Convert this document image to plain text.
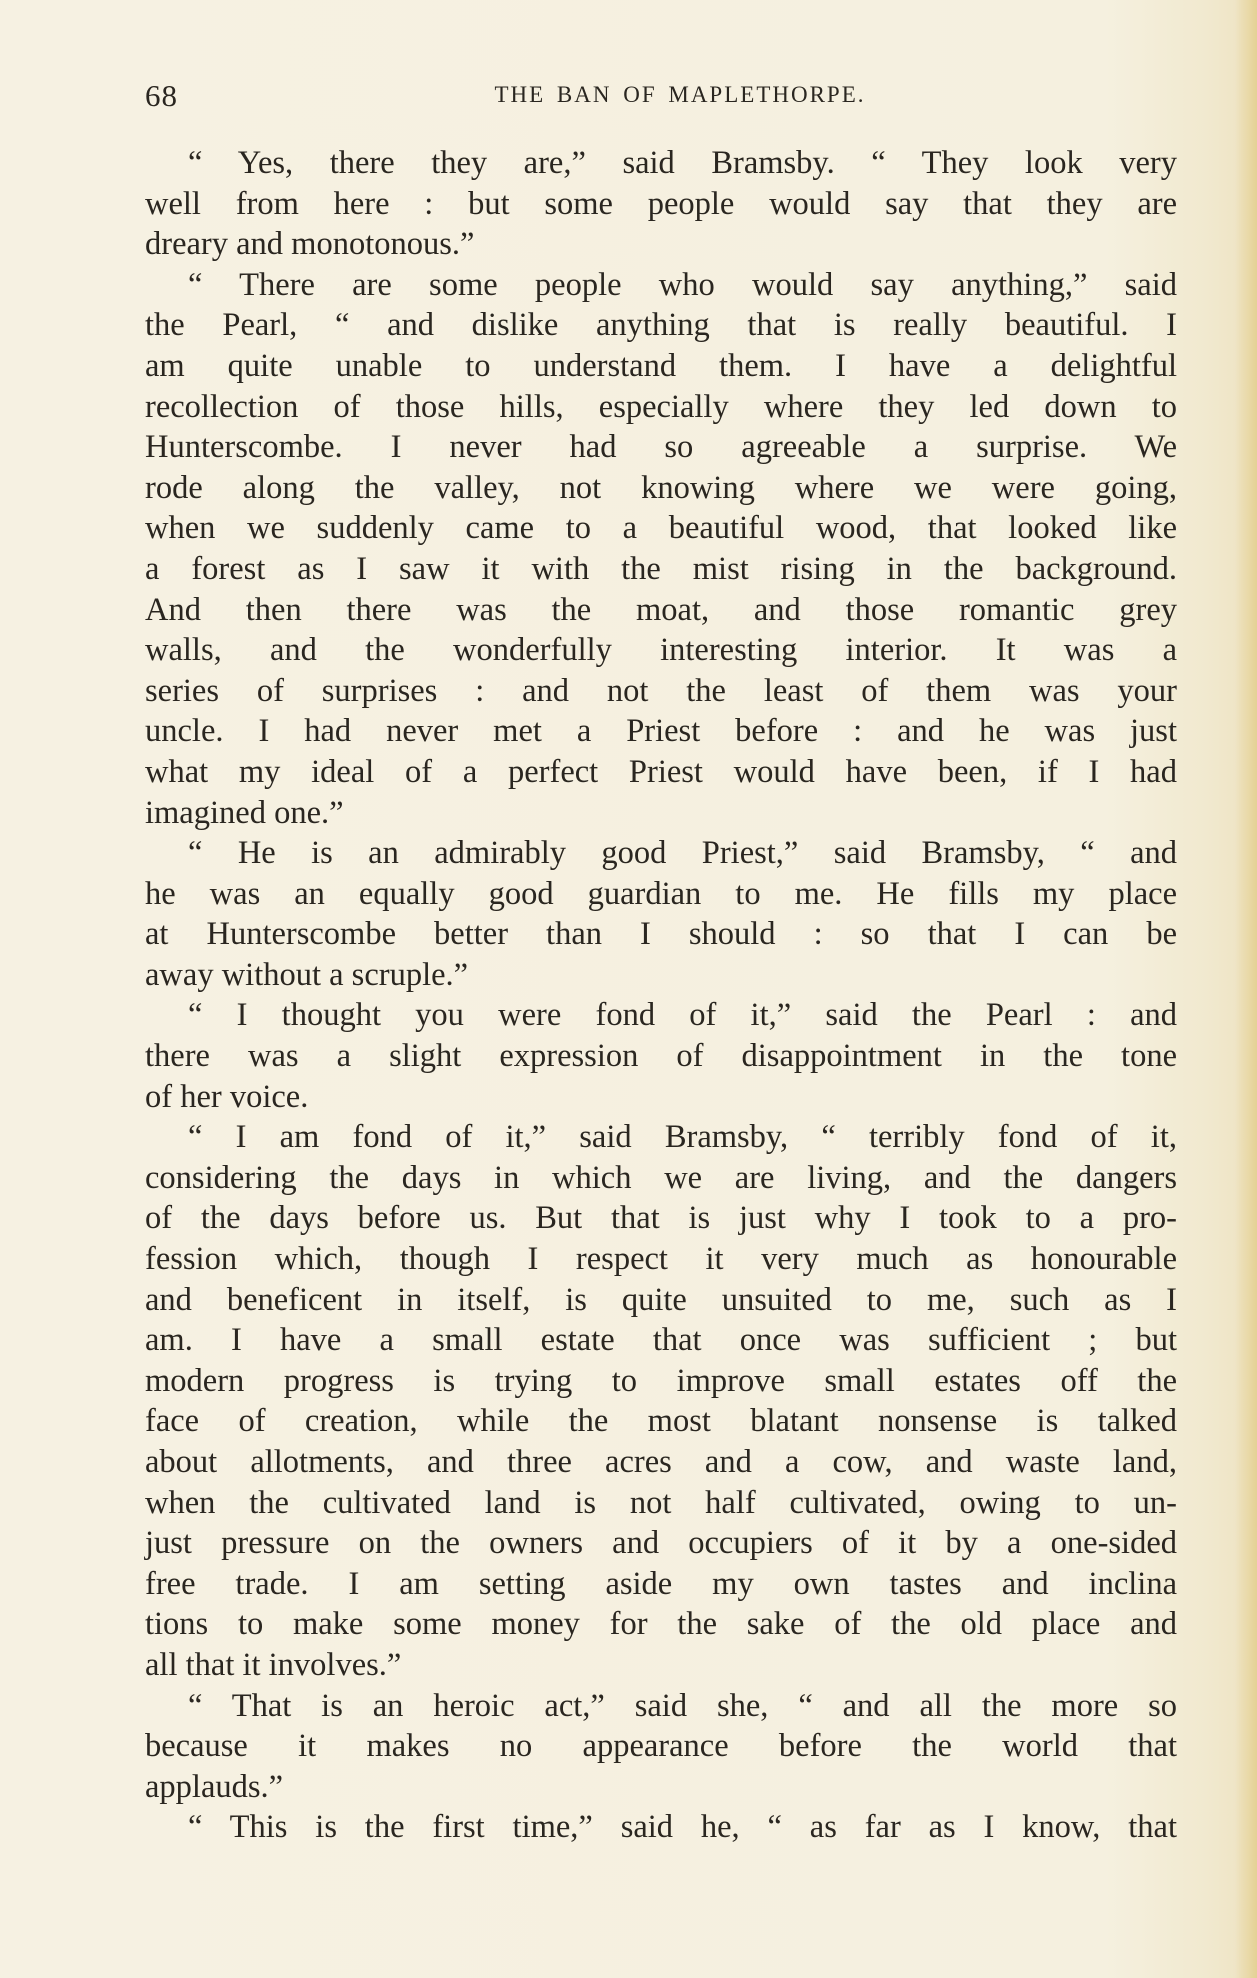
68	THE BAN OF MAPLETHORPE.
“ Yes, there they are,” said Bramsby. “ They look very
well from here : but some people would say that they are
dreary and monotonous.”
“ There are some people who would say anything,” said
the Pearl, “ and dislike anything that is really beautiful. I
am quite unable to understand them. I have a delightful
recollection of those hills, especially where they led down to
Hunterscombe. I never had so agreeable a surprise. We
rode along the valley, not knowing where we were going,
when we suddenly came to a beautiful wood, that looked like
a forest as I saw it with the mist rising in the background.
And then there was the moat, and those romantic grey
walls, and the wonderfully interesting interior. It was a
series of surprises : and not the least of them was your
uncle. I had never met a Priest before : and he was just
what my ideal of a perfect Priest would have been, if I had
imagined one.”
“ He is an admirably good Priest,” said Bramsby, “ and
he was an equally good guardian to me. He fills my place
at Hunterscombe better than I should : so that I can be
away without a scruple.”
“ I thought you were fond of it,” said the Pearl : and
there was a slight expression of disappointment in the tone
of her voice.
“ I am fond of it,” said Bramsby, “ terribly fond of it,
considering the days in which we are living, and the dangers
of the days before us. But that is just why I took to a pro-
fession which, though I respect it very much as honourable
and beneficent in itself, is quite unsuited to me, such as I
am. I have a small estate that once was sufficient ; but
modern progress is trying to improve small estates off the
face of creation, while the most blatant nonsense is talked
about allotments, and three acres and a cow, and waste land,
when the cultivated land is not half cultivated, owing to un-
just pressure on the owners and occupiers of it by a one-sided
free trade. I am setting aside my own tastes and inclina
tions to make some money for the sake of the old place and
all that it involves.”
“ That is an heroic act,” said she, “ and all the more so
because it makes no appearance before the world that
applauds.”
“ This is the first time,” said he, “ as far as I know, that
